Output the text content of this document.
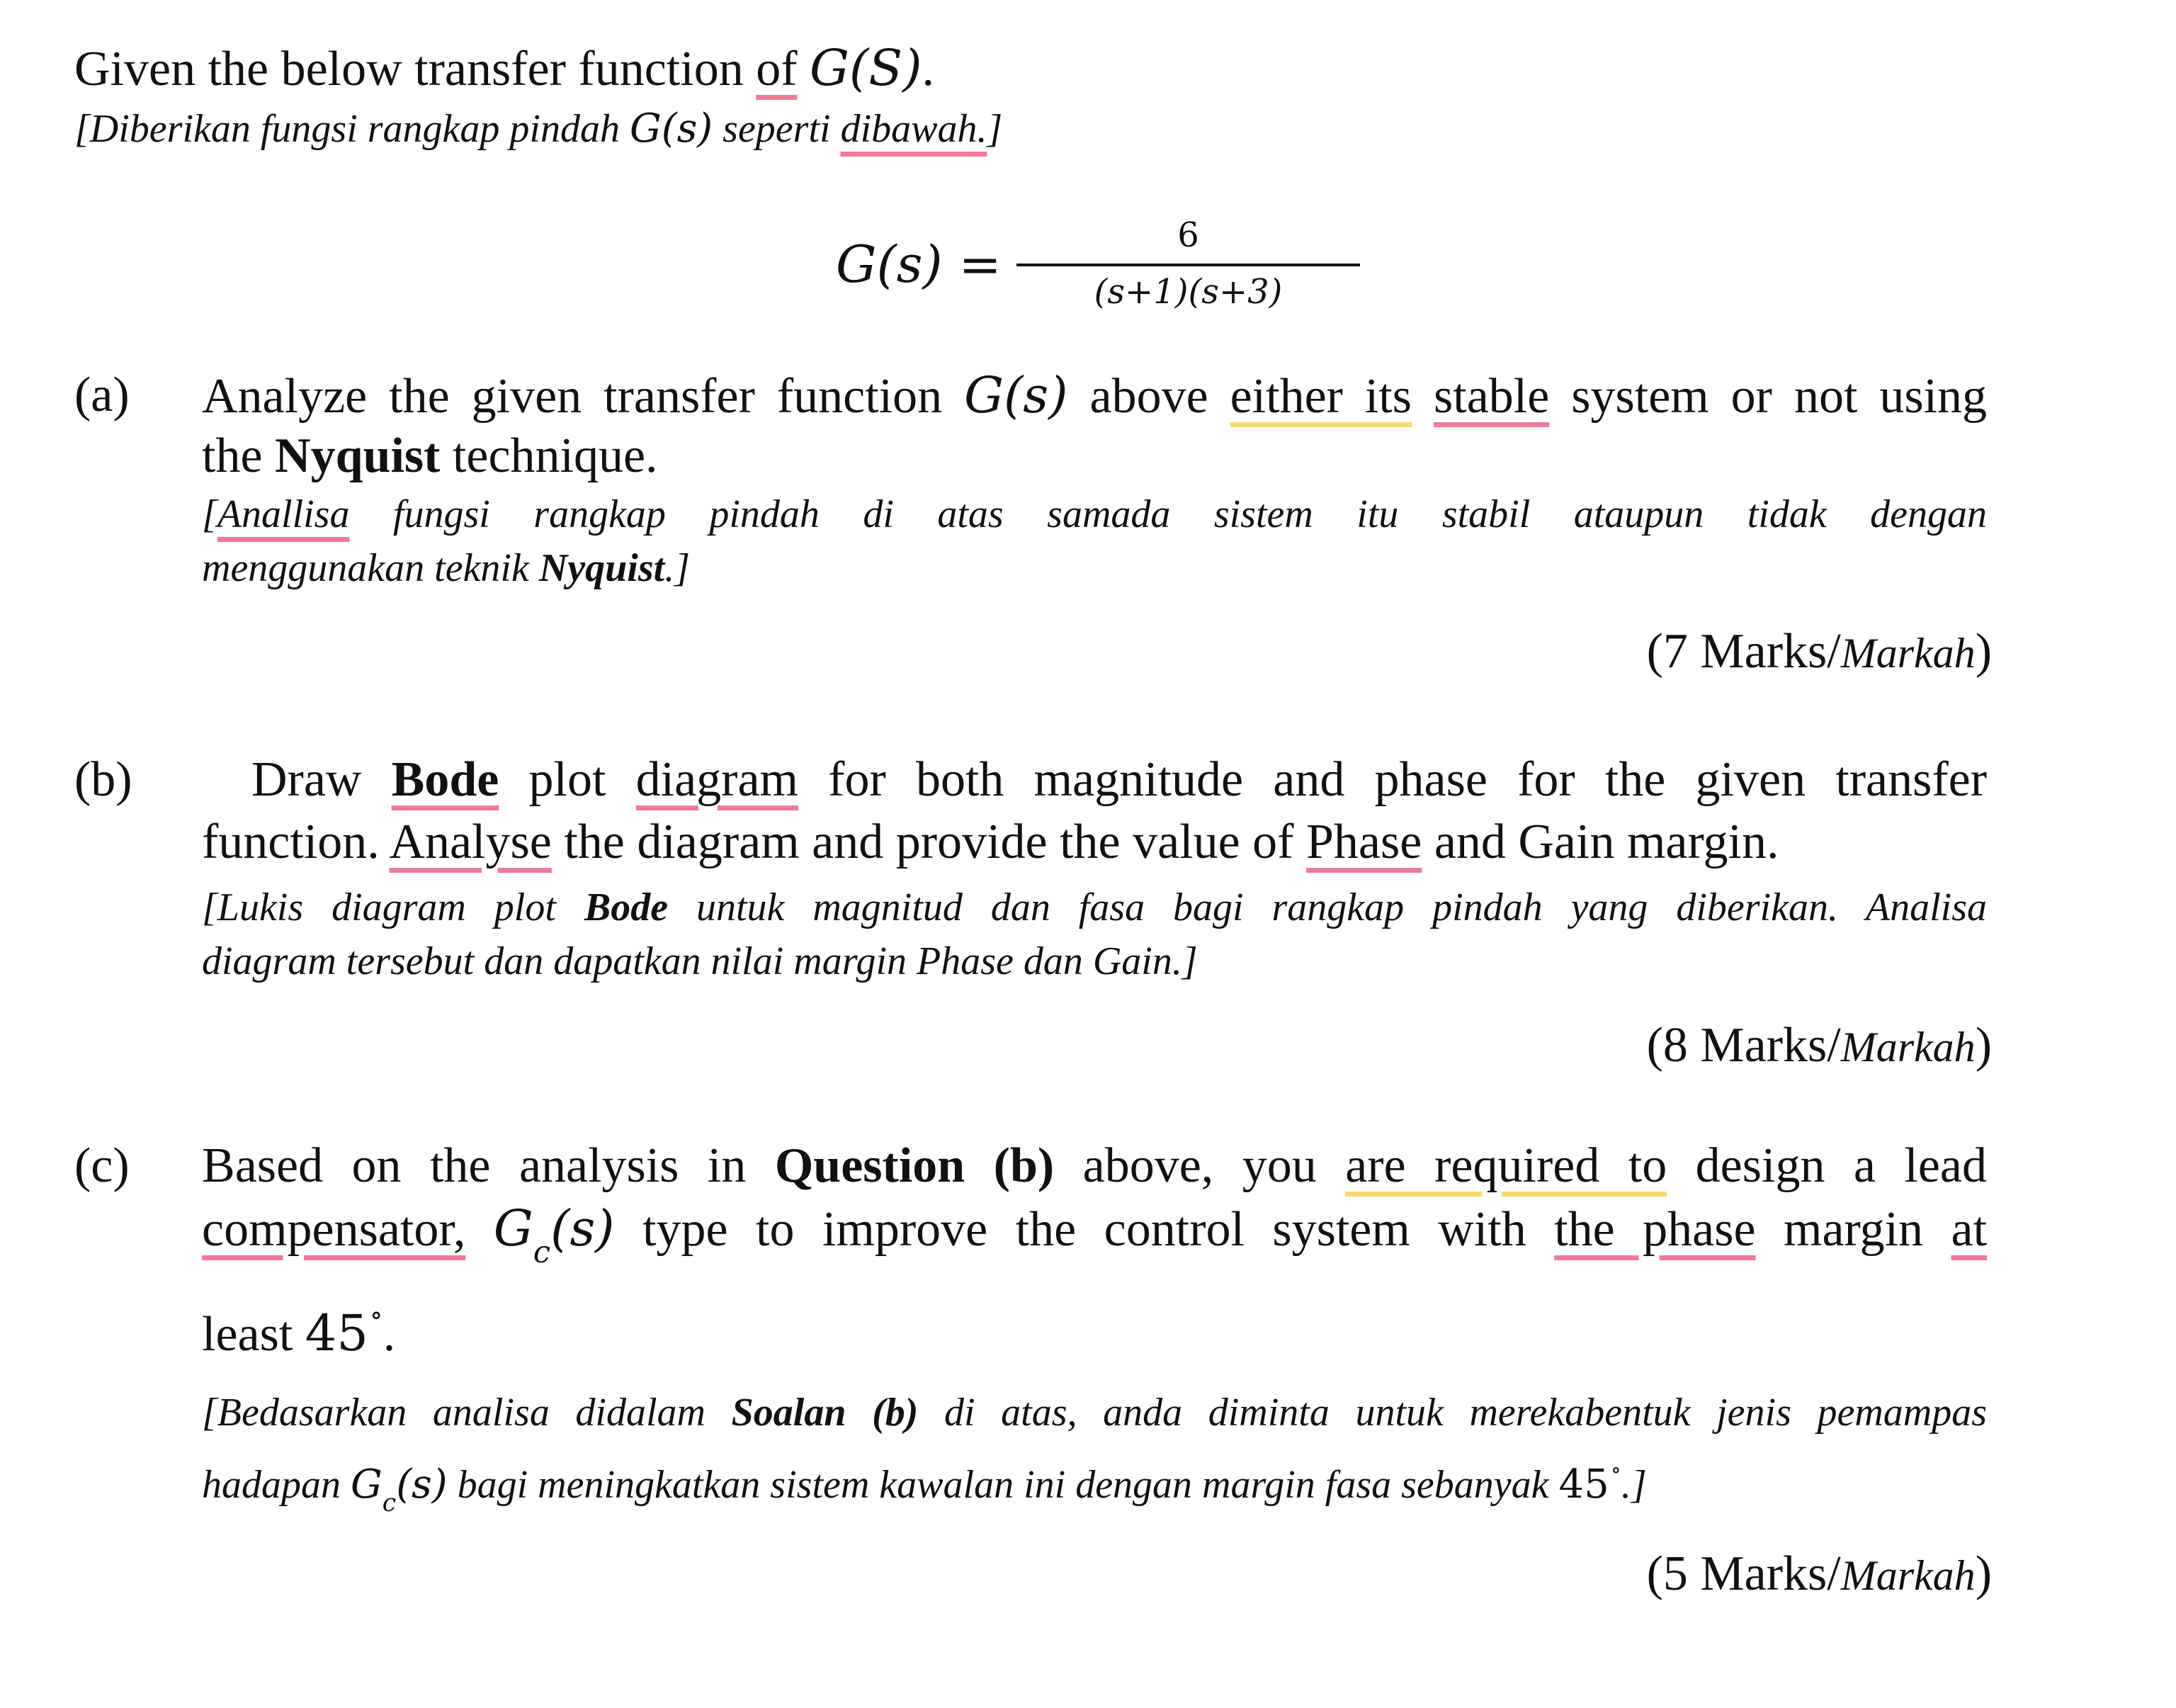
Given the below transfer function of G(S).
[Diberikan fungsi rangkap pindah G(s) seperti dibawah.]
G(s) =	6
(s+1)(s+3)
(a) Analyze the given transfer function G(s) above either its stable system or not using
the Nyquist technique.
[Anallisa fungsi rangkap pindah di atas samada sistem itu stabil ataupun tidak dengan
menggunakan teknik Nyquist.]
(7 Marks/Markah)
(b) Draw Bode plot diagram for both magnitude and phase for the given transfer
function. Analyse the diagram and provide the value of Phase and Gain margin.
[Lukis diagram plot Bode untuk magnitud dan fasa bagi rangkap pindah yang diberikan. Analisa
diagram tersebut dan dapatkan nilai margin Phase dan Gain.]
(8 Marks/Markah)
(c) Based on the analysis in Question (b) above, you are required to design a lead
compensator, $G_c(s)$ type to improve the control system with the phase margin at
least 45∘.
[Bedasarkan analisa didalam Soalan (b) di atas, anda diminta untuk merekabentuk jenis pemampas
hadapan $G_c(s)$ bagi meningkatkan sistem kawalan ini dengan margin fasa sebanyak 45∘.]
(5 Marks/Markah)
